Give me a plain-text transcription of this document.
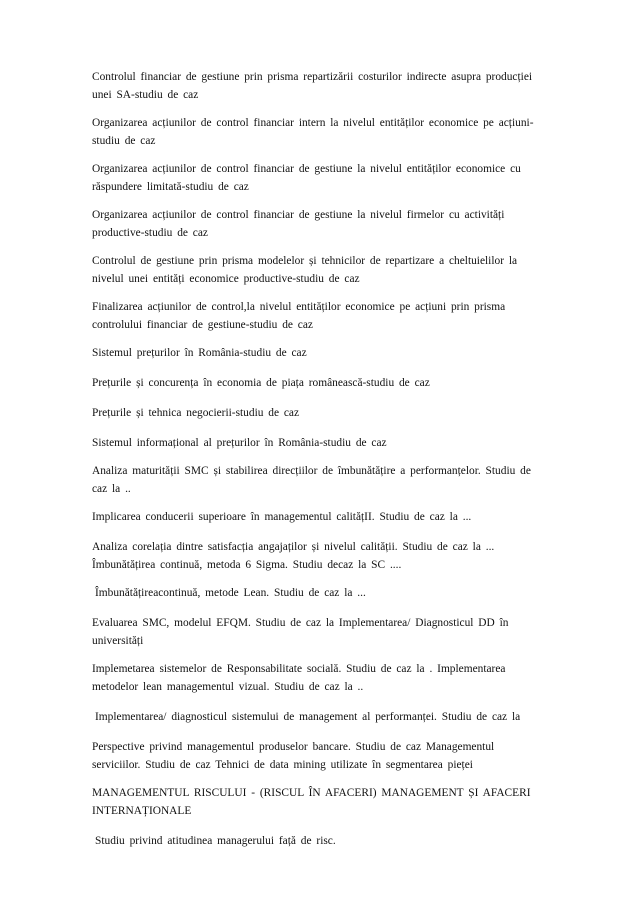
Controlul financiar de gestiune prin prisma repartizării costurilor indirecte asupra producției unei SA-studiu de caz

Organizarea acțiunilor de control financiar intern la nivelul entităților economice pe acțiuni-studiu de caz

Organizarea acțiunilor de control financiar de gestiune la nivelul entităților economice cu răspundere limitată-studiu de caz

Organizarea acțiunilor de control financiar de gestiune la nivelul firmelor cu activități productive-studiu de caz

Controlul de gestiune prin prisma modelelor și tehnicilor de repartizare a cheltuielilor la nivelul unei entități economice productive-studiu de caz

Finalizarea acțiunilor de control,la nivelul entităților economice pe acțiuni prin prisma controlului financiar de gestiune-studiu de caz

Sistemul prețurilor în România-studiu de caz

Prețurile și concurența în economia de piața românească-studiu de caz

Prețurile și tehnica negocierii-studiu de caz

Sistemul informațional al prețurilor în România-studiu de caz

Analiza maturității SMC și stabilirea direcțiilor de îmbunătățire a performanțelor. Studiu de caz la ..

Implicarea conducerii superioare în managementul calitățII. Studiu de caz la ...

Analiza corelația dintre satisfacția angajaților și nivelul calității. Studiu de caz la ... Îmbunătățirea continuă, metoda 6 Sigma. Studiu decaz la SC ....

Îmbunătățireacontinuă, metode Lean. Studiu de caz la ...

Evaluarea SMC, modelul EFQM. Studiu de caz la Implementarea/ Diagnosticul DD în universități

Implemetarea sistemelor de Responsabilitate socială. Studiu de caz la . Implementarea metodelor lean managementul vizual. Studiu de caz la ..

Implementarea/ diagnosticul sistemului de management al performanței. Studiu de caz la

Perspective privind managementul produselor bancare. Studiu de caz Managementul serviciilor. Studiu de caz Tehnici de data mining utilizate în segmentarea pieței

MANAGEMENTUL RISCULUI - (RISCUL ÎN AFACERI) MANAGEMENT ȘI AFACERI INTERNAȚIONALE

Studiu privind atitudinea managerului față de risc.
